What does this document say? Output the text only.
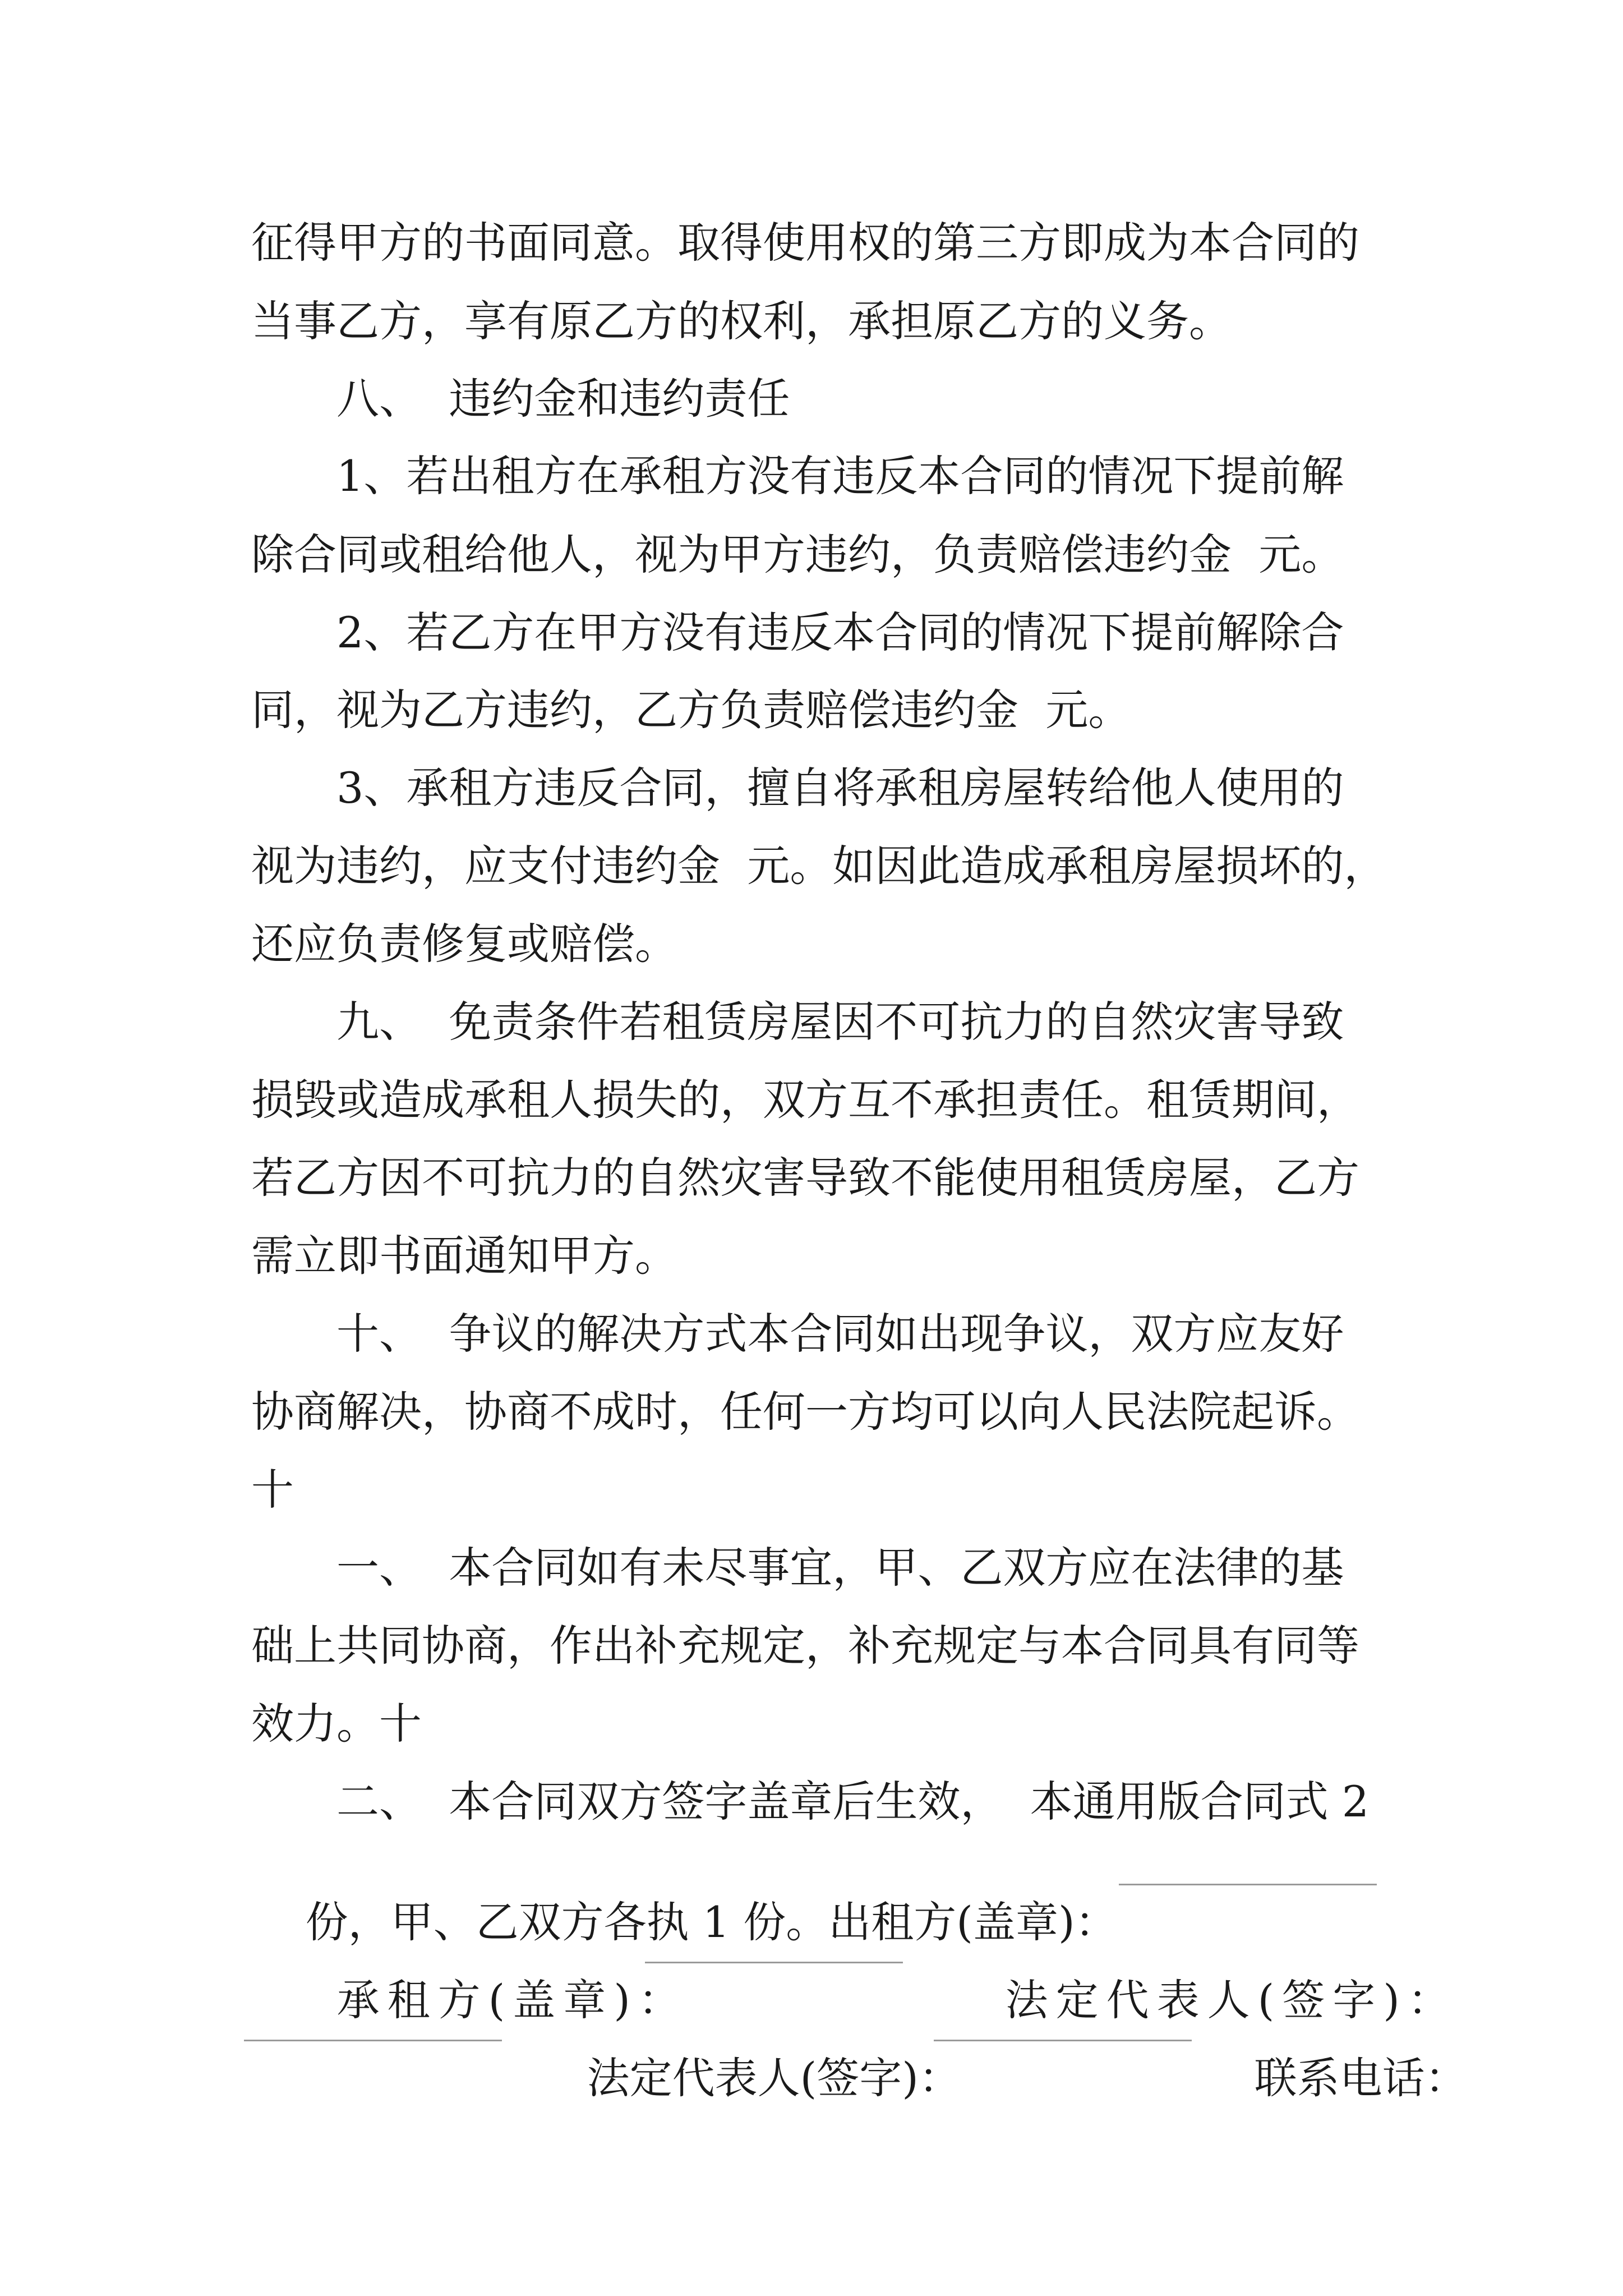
征得甲方的书面同意。取得使用权的第三方即成为本合同的

当事乙方，享有原乙方的权利，承担原乙方的义务。

八、  违约金和违约责任

1、若出租方在承租方没有违反本合同的情况下提前解

除合同或租给他人，视为甲方违约，负责赔偿违约金  元。

2、若乙方在甲方没有违反本合同的情况下提前解除合

同，视为乙方违约，乙方负责赔偿违约金  元。

3、承租方违反合同，擅自将承租房屋转给他人使用的

视为违约，应支付违约金  元。如因此造成承租房屋损坏的，

还应负责修复或赔偿。

九、  免责条件若租赁房屋因不可抗力的自然灾害导致

损毁或造成承租人损失的，双方互不承担责任。租赁期间，

若乙方因不可抗力的自然灾害导致不能使用租赁房屋，乙方

需立即书面通知甲方。

十、  争议的解决方式本合同如出现争议，双方应友好

协商解决，协商不成时，任何一方均可以向人民法院起诉。

十

一、  本合同如有未尽事宜，甲、乙双方应在法律的基

础上共同协商，作出补充规定，补充规定与本合同具有同等

效力。十

二、  本合同双方签字盖章后生效，  本通用版合同式 2

份，甲、乙双方各执 1 份。出租方(盖章)：

承租方(盖章)：
	法定代表人(签字)：

法定代表人(签字)：
	联系电话：
